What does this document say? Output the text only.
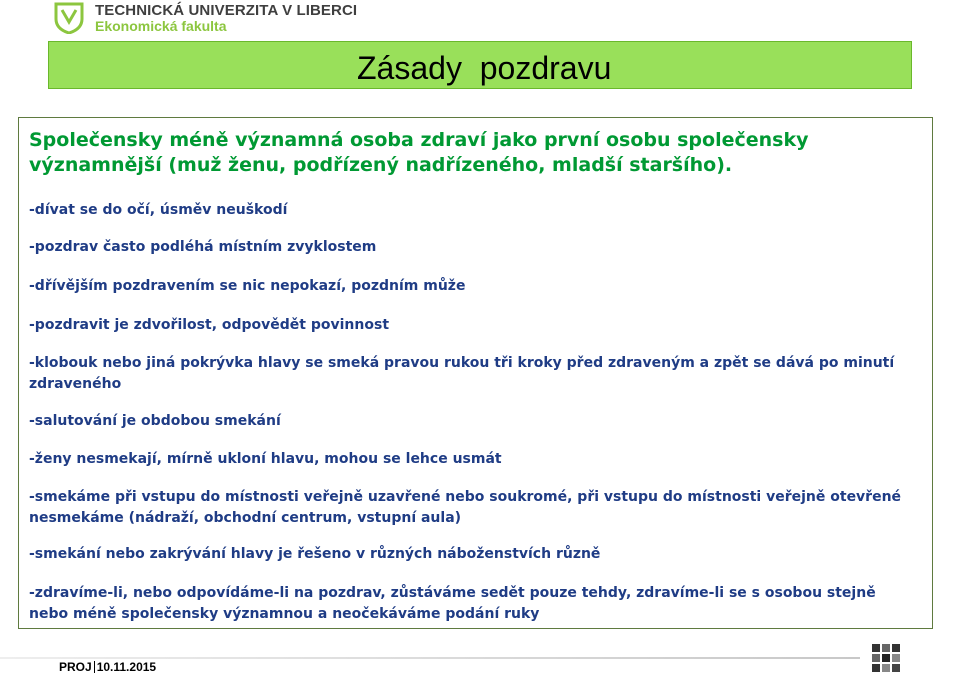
TECHNICKÁ UNIVERZITA V LIBERCI
Ekonomická fakulta
Zásady  pozdravu

Společensky méně významná osoba zdraví jako první osobu společensky významnější (muž ženu, podřízený nadřízeného, mladší staršího).

-dívat se do očí, úsměv neuškodí

-pozdrav často podléhá místním zvyklostem

-dřívějším pozdravením se nic nepokazí, pozdním může

-pozdravit je zdvořilost, odpovědět povinnost

-klobouk nebo jiná pokrývka hlavy se smeká pravou rukou tři kroky před zdraveným a zpět se dává po minutí zdraveného

-salutování je obdobou smekání

-ženy nesmekají, mírně ukloní hlavu, mohou se lehce usmát

-smekáme při vstupu do místnosti veřejně uzavřené nebo soukromé, při vstupu do místnosti veřejně otevřené nesmekáme (nádraží, obchodní centrum, vstupní aula)

-smekání nebo zakrývání hlavy je řešeno v různých náboženstvích různě

-zdravíme-li, nebo odpovídáme-li na pozdrav, zůstáváme sedět pouze tehdy, zdravíme-li se s osobou stejně nebo méně společensky významnou a neočekáváme podání ruky

PROJ 10.11.2015
